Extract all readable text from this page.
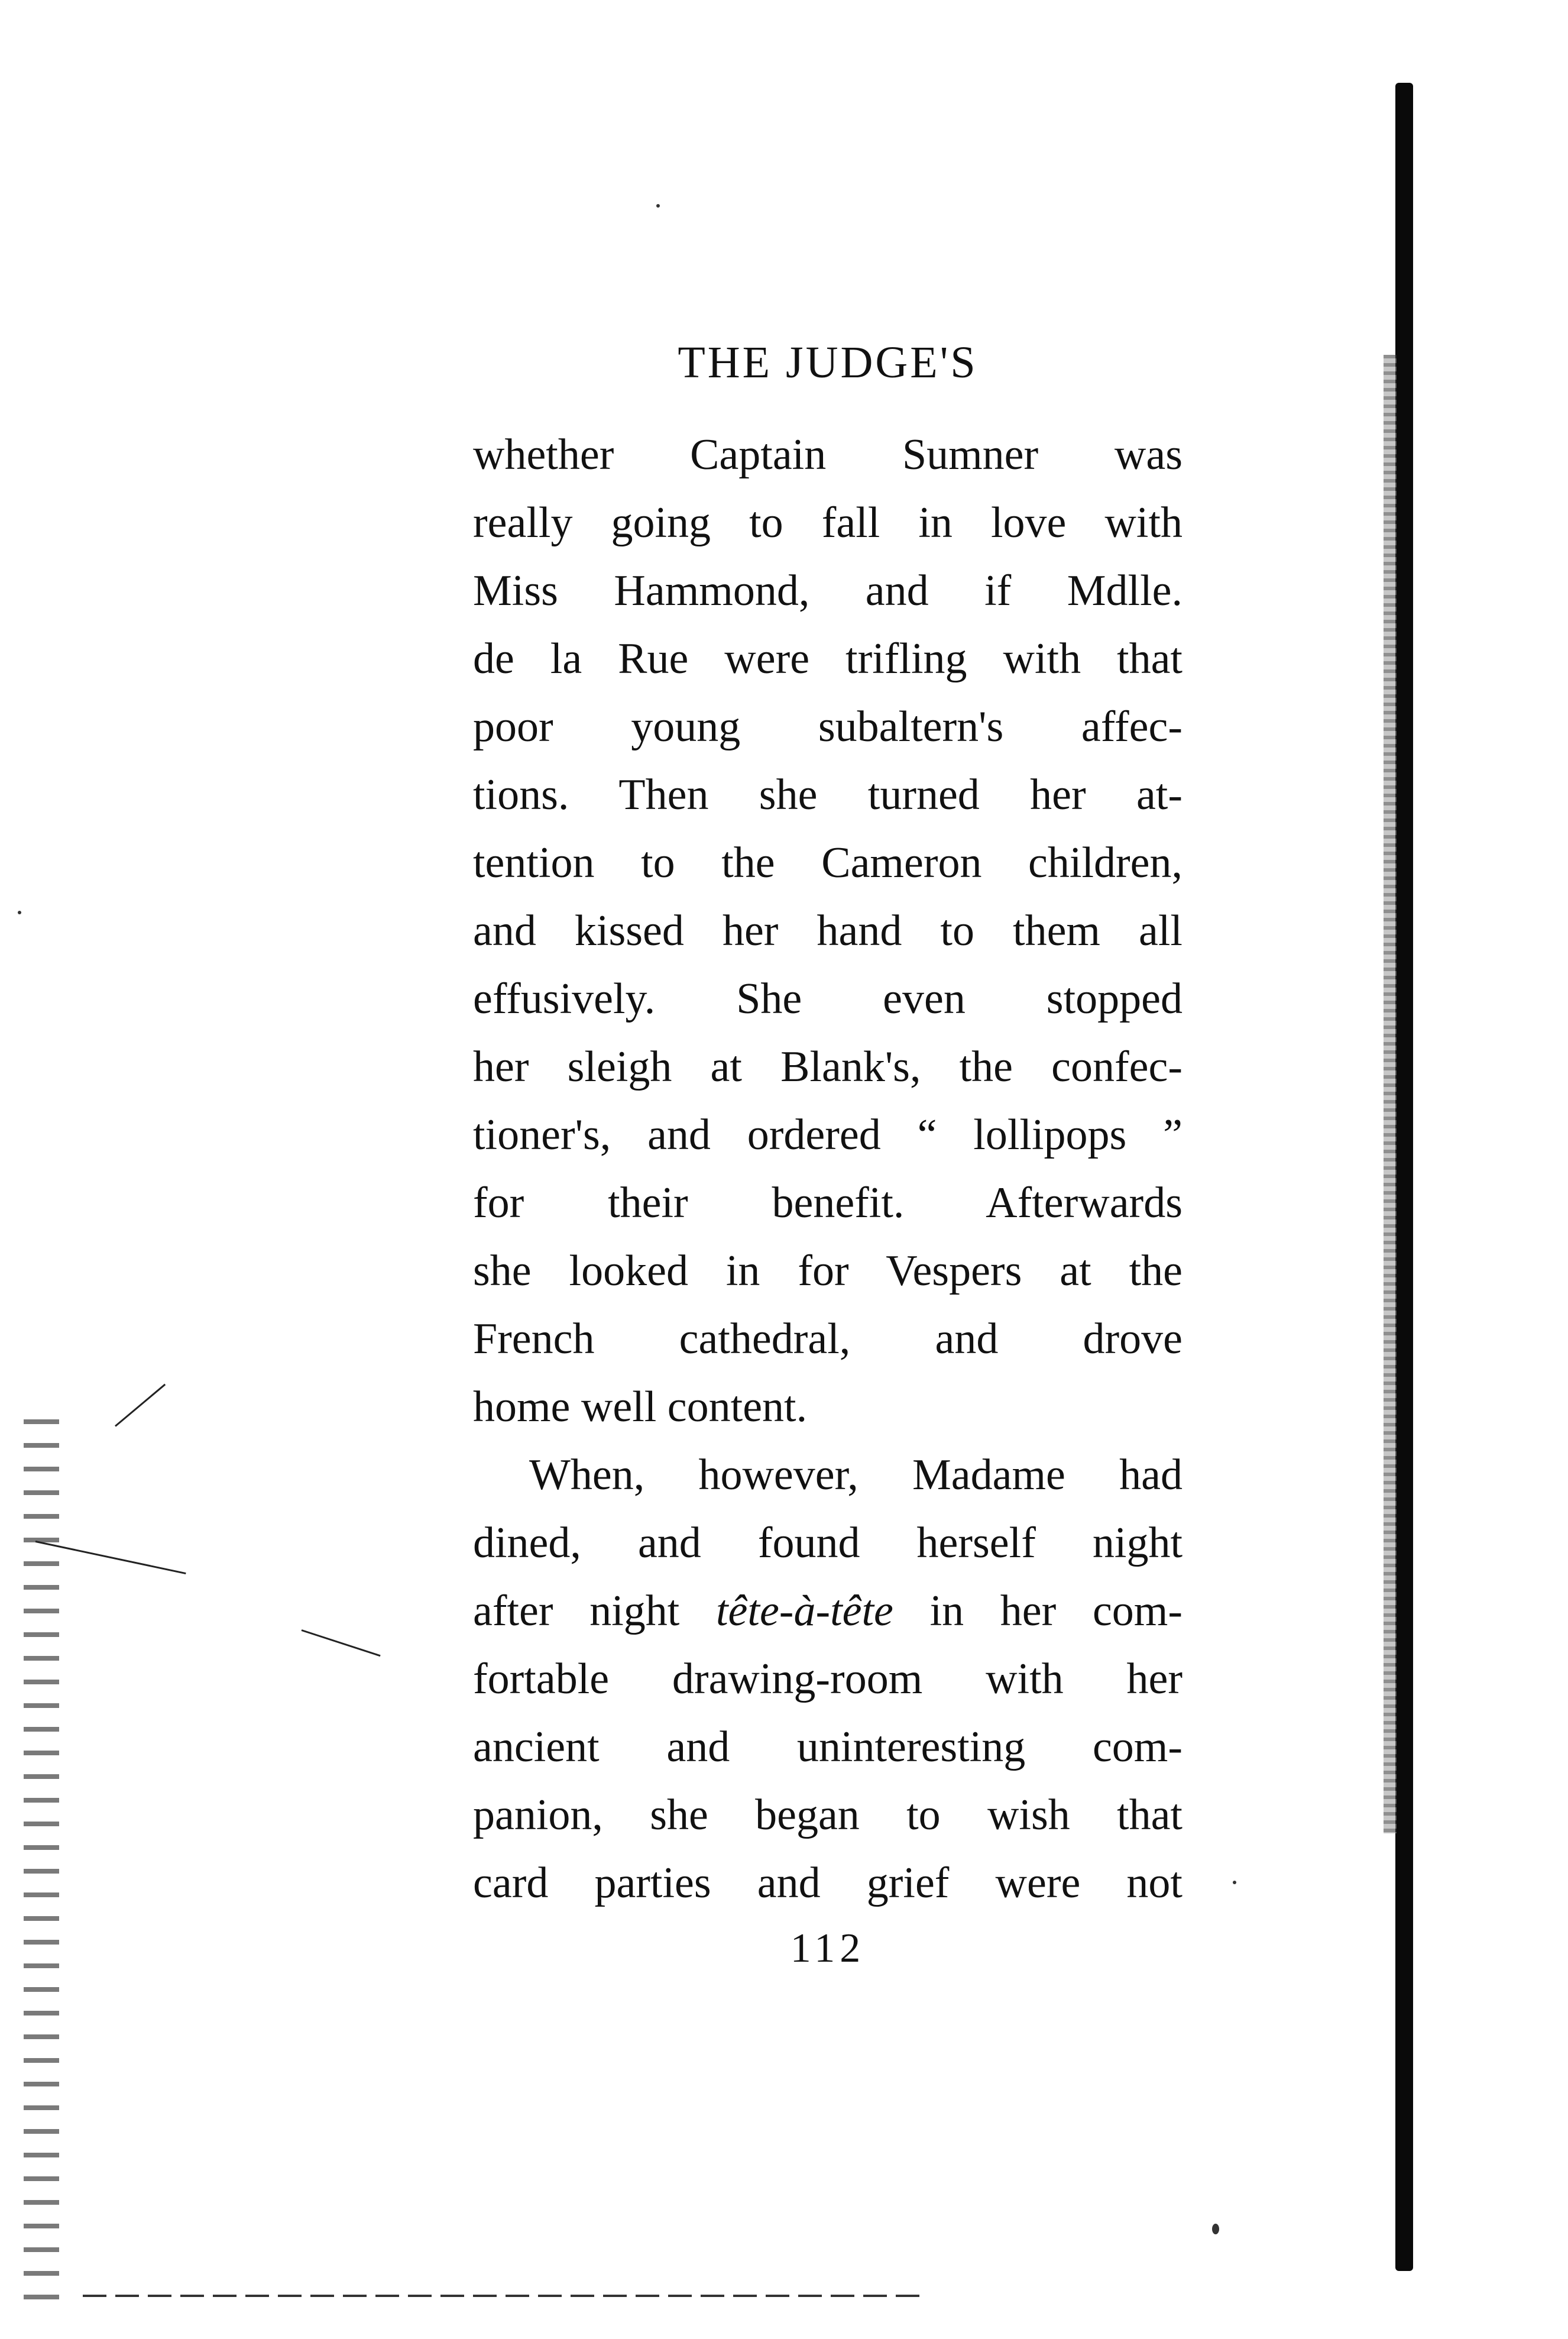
THE JUDGE'S
whether Captain Sumner was
really going to fall in love with
Miss Hammond, and if Mdlle.
de la Rue were trifling with that
poor young subaltern's affec-
tions. Then she turned her at-
tention to the Cameron children,
and kissed her hand to them all
effusively. She even stopped
her sleigh at Blank's, the confec-
tioner's, and ordered “ lollipops ”
for their benefit. Afterwards
she looked in for Vespers at the
French cathedral, and drove
home well content.
When, however, Madame had
dined, and found herself night
after night tête-à-tête in her com-
fortable drawing-room with her
ancient and uninteresting com-
panion, she began to wish that
card parties and grief were not
112
